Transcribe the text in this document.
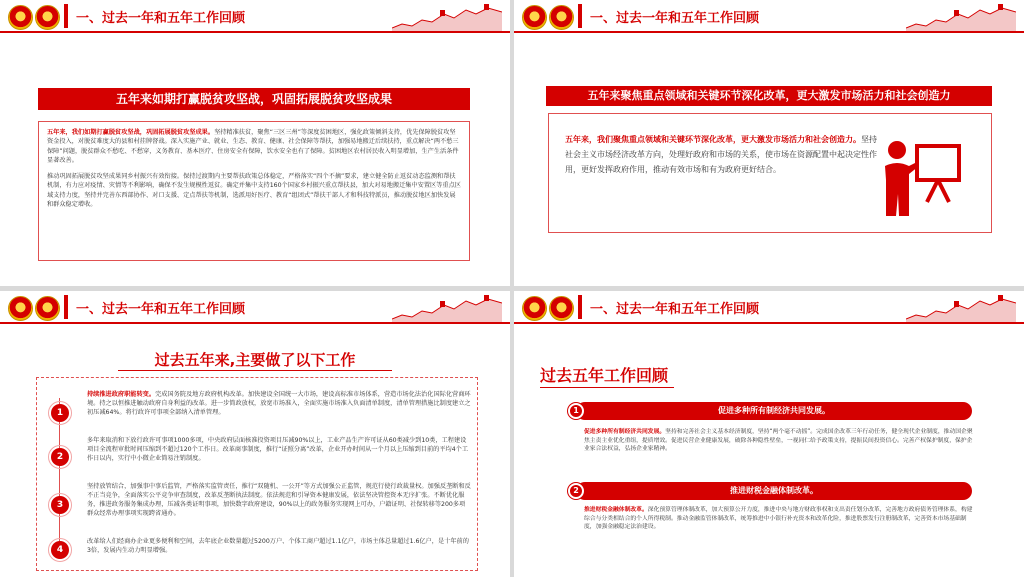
一、过去一年和五年工作回顾
五年来如期打赢脱贫攻坚战，巩固拓展脱贫攻坚成果

五年来，我们如期打赢脱贫攻坚战，巩固拓展脱贫攻坚成果。坚持精准扶贫，聚焦“三区三州”等深度贫困地区，强化政策倾斜支持，优先保障脱贫攻坚资金投入，对脱贫难度大的县和村挂牌督战。深入实施产业、就业、生态、教育、健康、社会保障等帮扶，加强易地搬迁后续扶持，重点解决“两不愁三保障”问题，脱贫群众不愁吃、不愁穿，义务教育、基本医疗、住房安全有保障，饮水安全也有了保障。贫困地区农村居民收入明显增加，生产生活条件显著改善。

推动巩固拓展脱贫攻坚成果同乡村振兴有效衔接。保持过渡期内主要帮扶政策总体稳定，严格落实“四个不摘”要求，建立健全防止返贫动态监测和帮扶机制，有力应对疫情、灾情等不利影响，确保不发生规模性返贫。确定并集中支持160个国家乡村振兴重点帮扶县，加大对易地搬迁集中安置区等重点区域支持力度，坚持并完善东西部协作、对口支援、定点帮扶等机制，选派用好医疗、教育“组团式”帮扶干部人才和科技特派员，推动脱贫地区加快发展和群众稳定增收。

一、过去一年和五年工作回顾
五年来聚焦重点领域和关键环节深化改革，更大激发市场活力和社会创造力
五年来，我们聚焦重点领域和关键环节深化改革，更大激发市场活力和社会创造力。坚持社会主义市场经济改革方向，处理好政府和市场的关系，使市场在资源配置中起决定性作用，更好发挥政府作用，推动有效市场和有为政府更好结合。
一、过去一年和五年工作回顾
过去五年来,主要做了以下工作
1
持续推进政府职能转变。完成国务院及地方政府机构改革。加快建设全国统一大市场，建设高标准市场体系，营造市场化法治化国际化营商环境。持之以恒推进触动政府自身利益的改革。进一步简政放权，放宽市场准入，全面实施市场准入负面清单制度，清单管理措施比制度建立之初压减64%。将行政许可事项全部纳入清单管理。
2
多年来取消和下放行政许可事项1000多项，中央政府层面核准投资项目压减90%以上，工业产品生产许可证从60类减少到10类，工程建设项目全流程审批时间压缩到不超过120个工作日。改革商事制度，推行“证照分离”改革，企业开办时间从一个月以上压缩到目前的平均4个工作日以内，实行中小微企业简易注销制度。
3
坚持放管结合，加强事中事后监管，严格落实监管责任，推行“双随机、一公开”等方式加强公正监管，规范行使行政裁量权。加强反垄断和反不正当竞争，全面落实公平竞争审查制度，改革反垄断执法制度。依法规范和引导资本健康发展，依法坚决管控资本无序扩张。不断优化服务，推进政务服务集成办理，压减各类证明事项，加快数字政府建设，90%以上的政务服务实现网上可办，户籍证明、社保转移等200多项群众经常办理事项实现跨省通办。
4
改革给人们经商办企业更多便利和空间，去年底企业数量超过5200万户、个体工商户超过1.1亿户，市场主体总量超过1.6亿户，是十年前的3倍，发展内生动力明显增强。
一、过去一年和五年工作回顾
过去五年工作回顾
促进多种所有制经济共同发展。
1
促进多种所有制经济共同发展。坚持和完善社会主义基本经济制度，坚持“两个毫不动摇”。完成国企改革三年行动任务，健全现代企业制度，推动国企聚焦主责主业优化重组，提质增效。促进民营企业健康发展，破除各种隐性壁垒，一视同仁给予政策支持，提振民间投资信心。完善产权保护制度，保护企业家合法权益，弘扬企业家精神。
推进财税金融体制改革。
2
推进财税金融体制改革。深化预算管理体制改革，加大预算公开力度，推进中央与地方财政事权和支出责任划分改革，完善地方政府债务管理体系，构建综合与分类相结合的个人所得税制。推动金融监管体制改革，统筹推进中小银行补充资本和改革化险，推进股票发行注册制改革，完善资本市场基础制度，加强金融稳定法治建设。
